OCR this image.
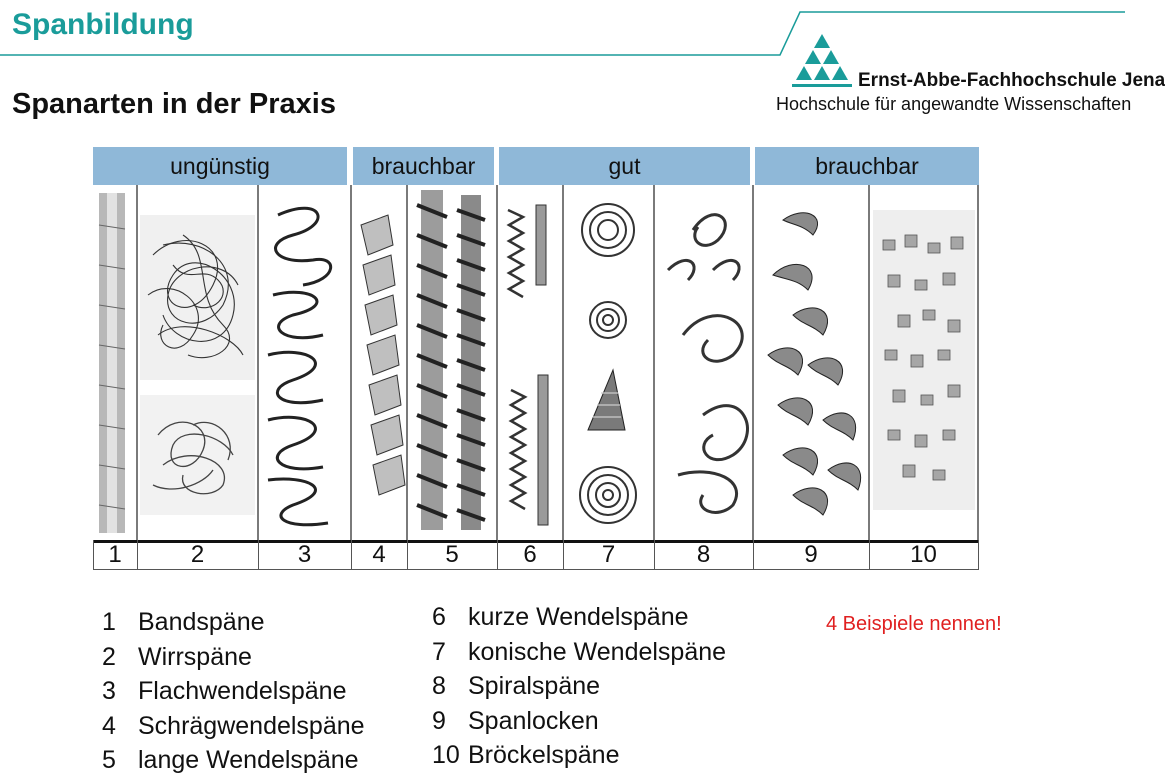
Spanbildung
Spanarten in der Praxis
Ernst-Abbe-Fachhochschule Jena
Hochschule für angewandte Wissenschaften
ungünstig	brauchbar	gut	brauchbar
1	2	3	4	5	6	7	8	9	10
1 Bandspäne
2 Wirrspäne
3 Flachwendelspäne
4 Schrägwendelspäne
5 lange Wendelspäne
6 kurze Wendelspäne
7 konische Wendelspäne
8 Spiralspäne
9 Spanlocken
10 Bröckelspäne
4 Beispiele nennen!
